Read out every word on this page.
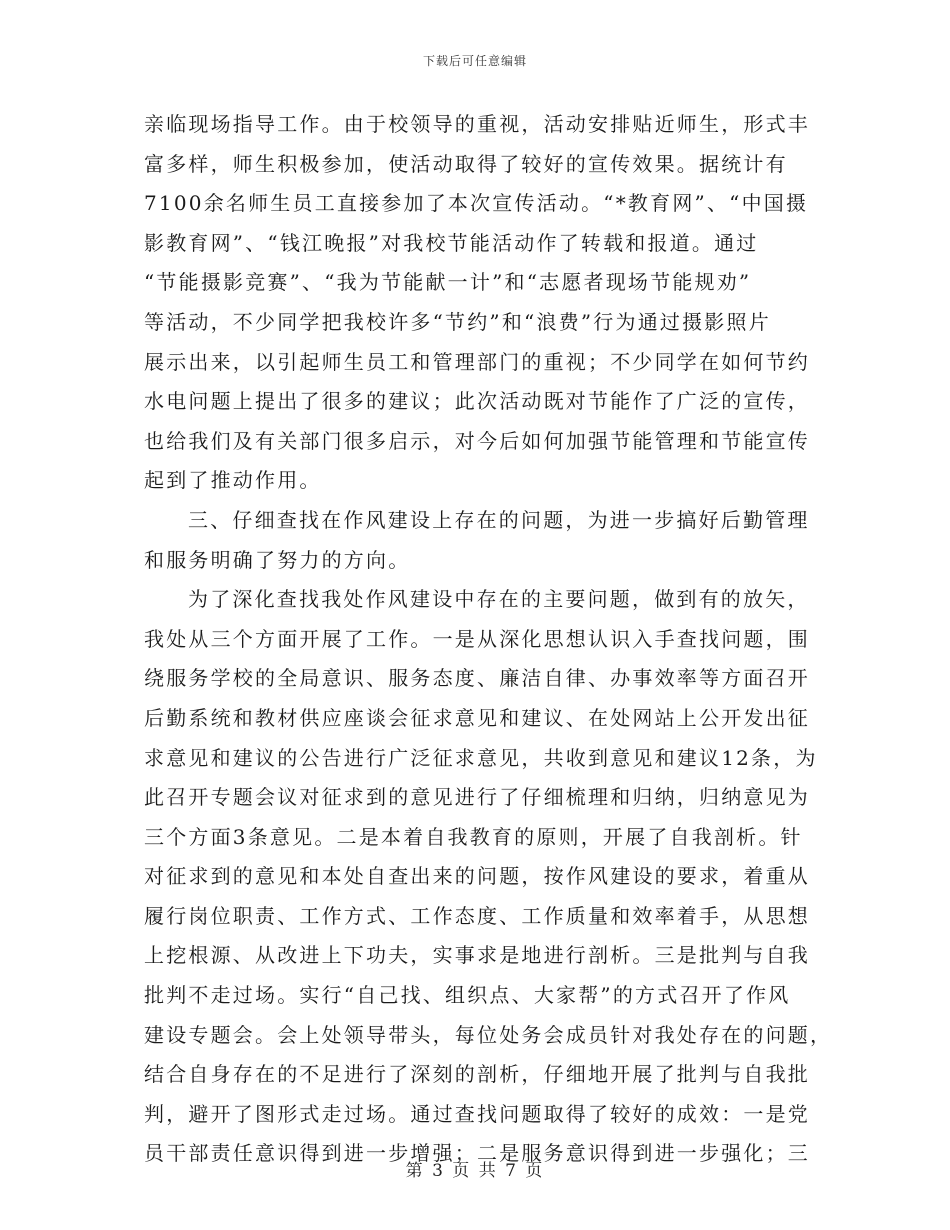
下载后可任意编辑
亲临现场指导工作。由于校领导的重视，活动安排贴近师生，形式丰
富多样，师生积极参加，使活动取得了较好的宣传效果。据统计有
7100余名师生员工直接参加了本次宣传活动。“*教育网”、“中国摄
影教育网”、“钱江晚报”对我校节能活动作了转载和报道。通过
“节能摄影竞赛”、“我为节能献一计”和“志愿者现场节能规劝”
等活动，不少同学把我校许多“节约”和“浪费”行为通过摄影照片
展示出来，以引起师生员工和管理部门的重视；不少同学在如何节约
水电问题上提出了很多的建议；此次活动既对节能作了广泛的宣传，
也给我们及有关部门很多启示，对今后如何加强节能管理和节能宣传
起到了推动作用。
三、仔细查找在作风建设上存在的问题，为进一步搞好后勤管理
和服务明确了努力的方向。
为了深化查找我处作风建设中存在的主要问题，做到有的放矢，
我处从三个方面开展了工作。一是从深化思想认识入手查找问题，围
绕服务学校的全局意识、服务态度、廉洁自律、办事效率等方面召开
后勤系统和教材供应座谈会征求意见和建议、在处网站上公开发出征
求意见和建议的公告进行广泛征求意见，共收到意见和建议12条，为
此召开专题会议对征求到的意见进行了仔细梳理和归纳，归纳意见为
三个方面3条意见。二是本着自我教育的原则，开展了自我剖析。针
对征求到的意见和本处自查出来的问题，按作风建设的要求，着重从
履行岗位职责、工作方式、工作态度、工作质量和效率着手，从思想
上挖根源、从改进上下功夫，实事求是地进行剖析。三是批判与自我
批判不走过场。实行“自己找、组织点、大家帮”的方式召开了作风
建设专题会。会上处领导带头，每位处务会成员针对我处存在的问题，
结合自身存在的不足进行了深刻的剖析，仔细地开展了批判与自我批
判，避开了图形式走过场。通过查找问题取得了较好的成效：一是党
员干部责任意识得到进一步增强；二是服务意识得到进一步强化；三
第 3 页 共 7 页
